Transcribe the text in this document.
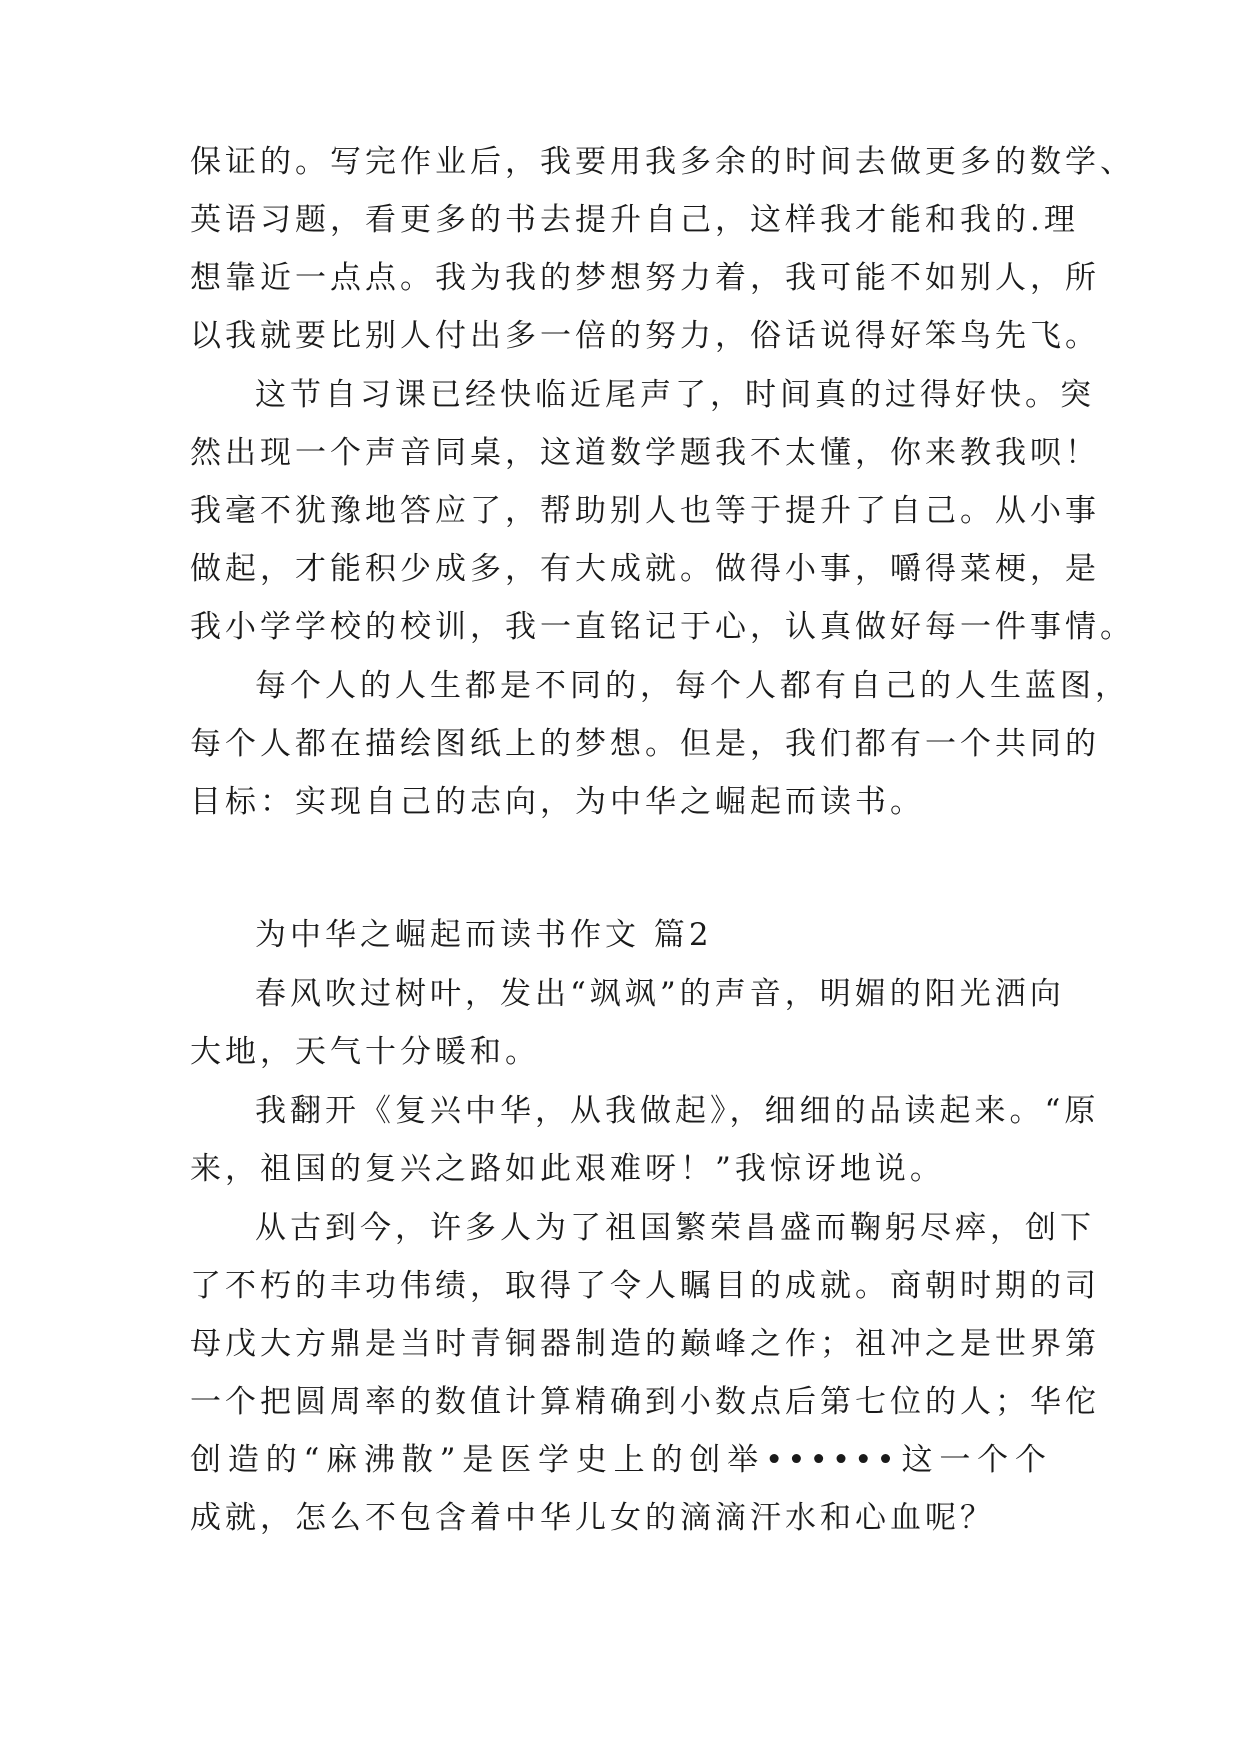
保证的。写完作业后，我要用我多余的时间去做更多的数学、
英语习题，看更多的书去提升自己，这样我才能和我的.理
想靠近一点点。我为我的梦想努力着，我可能不如别人，所
以我就要比别人付出多一倍的努力，俗话说得好笨鸟先飞。
这节自习课已经快临近尾声了，时间真的过得好快。突
然出现一个声音同桌，这道数学题我不太懂，你来教我呗！
我毫不犹豫地答应了，帮助别人也等于提升了自己。从小事
做起，才能积少成多，有大成就。做得小事，嚼得菜梗，是
我小学学校的校训，我一直铭记于心，认真做好每一件事情。
每个人的人生都是不同的，每个人都有自己的人生蓝图，
每个人都在描绘图纸上的梦想。但是，我们都有一个共同的
目标：实现自己的志向，为中华之崛起而读书。
为中华之崛起而读书作文 篇2
春风吹过树叶，发出“飒飒”的声音，明媚的阳光洒向
大地，天气十分暖和。
我翻开《复兴中华，从我做起》，细细的品读起来。“原
来，祖国的复兴之路如此艰难呀！”我惊讶地说。
从古到今，许多人为了祖国繁荣昌盛而鞠躬尽瘁，创下
了不朽的丰功伟绩，取得了令人瞩目的成就。商朝时期的司
母戊大方鼎是当时青铜器制造的巅峰之作；祖冲之是世界第
一个把圆周率的数值计算精确到小数点后第七位的人；华佗
创造的“麻沸散”是医学史上的创举••••••这一个个
成就，怎么不包含着中华儿女的滴滴汗水和心血呢？
